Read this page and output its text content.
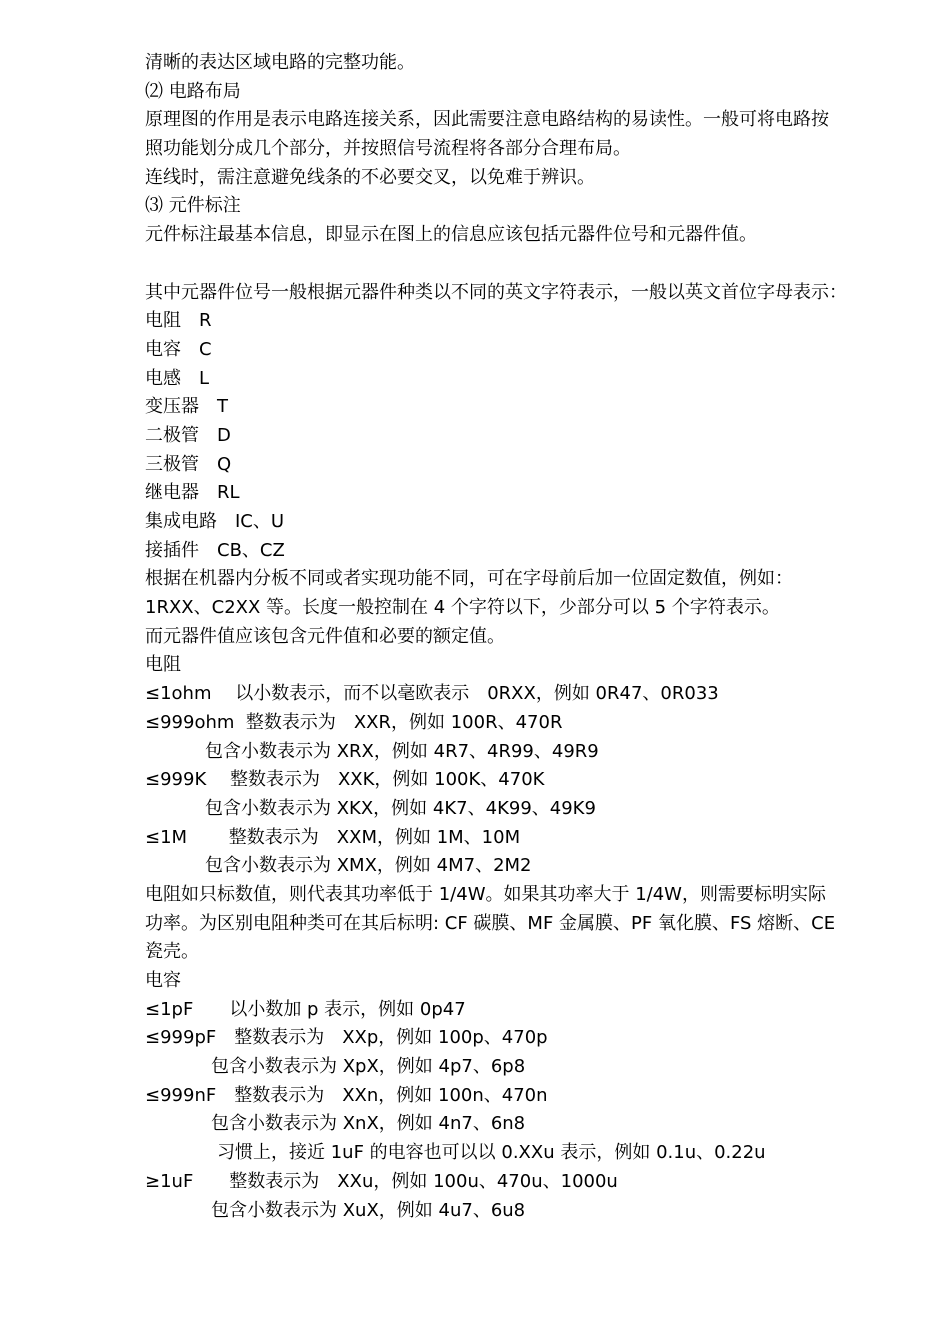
清晰的表达区域电路的完整功能。
⑵ 电路布局
原理图的作用是表示电路连接关系，因此需要注意电路结构的易读性。一般可将电路按
照功能划分成几个部分，并按照信号流程将各部分合理布局。
连线时，需注意避免线条的不必要交叉，以免难于辨识。
⑶ 元件标注
元件标注最基本信息，即显示在图上的信息应该包括元器件位号和元器件值。
其中元器件位号一般根据元器件种类以不同的英文字符表示，一般以英文首位字母表示：
电阻　R
电容　C
电感　L
变压器　T
二极管　D
三极管　Q
继电器　RL
集成电路　IC、U
接插件　CB、CZ
根据在机器内分板不同或者实现功能不同，可在字母前后加一位固定数值，例如：
1RXX、C2XX 等。长度一般控制在 4 个字符以下，少部分可以 5 个字符表示。
而元器件值应该包含元件值和必要的额定值。
电阻
≤1ohm　 以小数表示，而不以毫欧表示　0RXX，例如 0R47、0R033
≤999ohm  整数表示为　XXR，例如 100R、470R
包含小数表示为 XRX，例如 4R7、4R99、49R9
≤999K　 整数表示为　XXK，例如 100K、470K
包含小数表示为 XKX，例如 4K7、4K99、49K9
≤1M　　 整数表示为　XXM，例如 1M、10M
包含小数表示为 XMX，例如 4M7、2M2
电阻如只标数值，则代表其功率低于 1/4W。如果其功率大于 1/4W，则需要标明实际
功率。为区别电阻种类可在其后标明: CF 碳膜、MF 金属膜、PF 氧化膜、FS 熔断、CE
瓷壳。
电容
≤1pF　　以小数加 p 表示，例如 0p47
≤999pF　整数表示为　XXp，例如 100p、470p
包含小数表示为 XpX，例如 4p7、6p8
≤999nF　整数表示为　XXn，例如 100n、470n
包含小数表示为 XnX，例如 4n7、6n8
习惯上，接近 1uF 的电容也可以以 0.XXu 表示，例如 0.1u、0.22u
≥1uF　　整数表示为　XXu，例如 100u、470u、1000u
包含小数表示为 XuX，例如 4u7、6u8
